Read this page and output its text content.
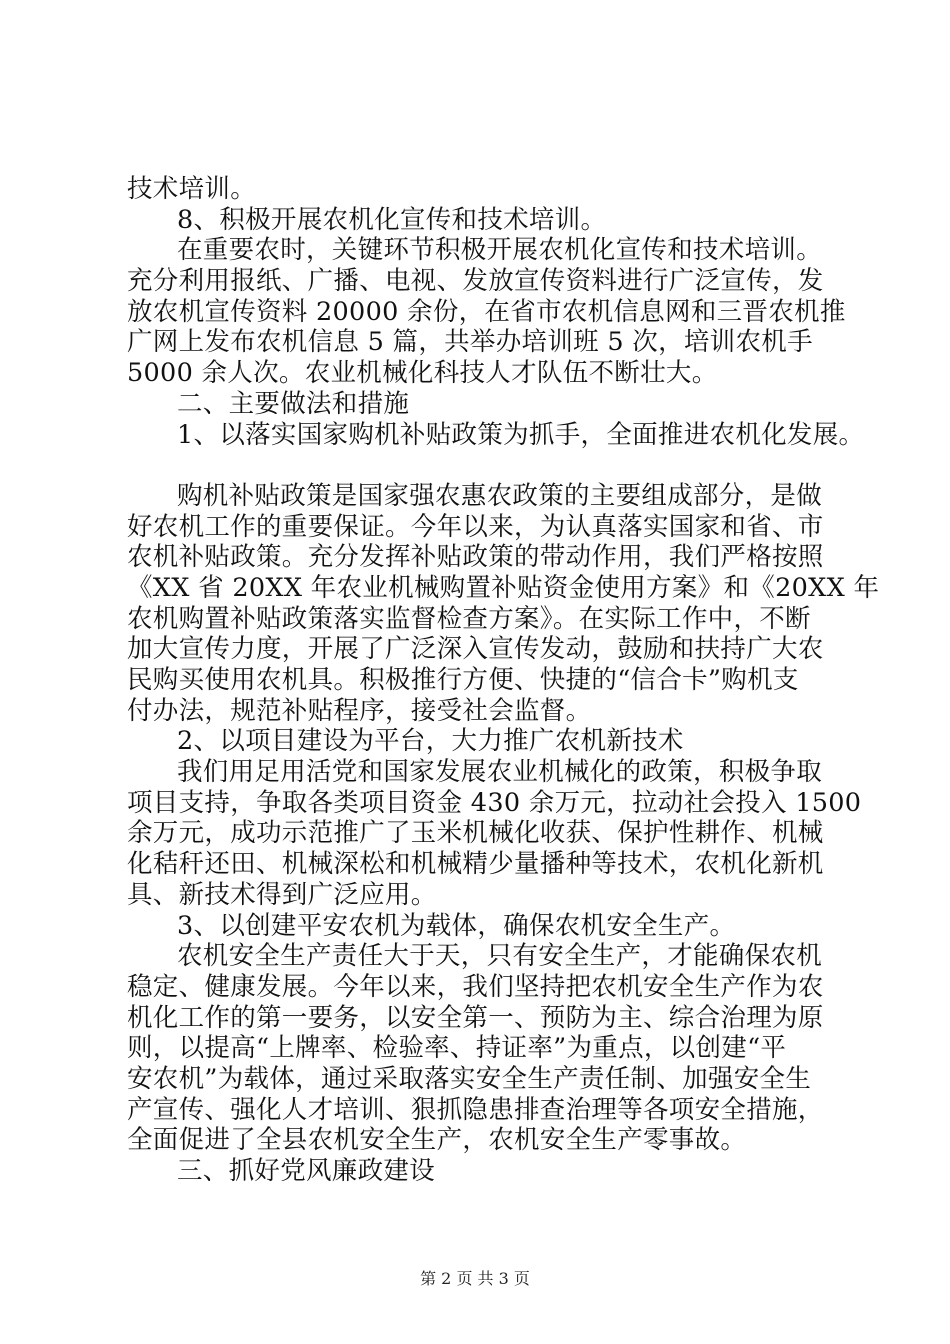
技术培训。
8、积极开展农机化宣传和技术培训。
在重要农时，关键环节积极开展农机化宣传和技术培训。
充分利用报纸、广播、电视、发放宣传资料进行广泛宣传，发
放农机宣传资料 20000 余份，在省市农机信息网和三晋农机推
广网上发布农机信息 5 篇，共举办培训班 5 次，培训农机手
5000 余人次。农业机械化科技人才队伍不断壮大。
二、主要做法和措施
1、以落实国家购机补贴政策为抓手，全面推进农机化发展。
购机补贴政策是国家强农惠农政策的主要组成部分，是做
好农机工作的重要保证。今年以来，为认真落实国家和省、市
农机补贴政策。充分发挥补贴政策的带动作用，我们严格按照
《XX 省 20XX 年农业机械购置补贴资金使用方案》和《20XX 年
农机购置补贴政策落实监督检查方案》。在实际工作中，不断
加大宣传力度，开展了广泛深入宣传发动，鼓励和扶持广大农
民购买使用农机具。积极推行方便、快捷的“信合卡”购机支
付办法，规范补贴程序，接受社会监督。
2、以项目建设为平台，大力推广农机新技术
我们用足用活党和国家发展农业机械化的政策，积极争取
项目支持，争取各类项目资金 430 余万元，拉动社会投入 1500
余万元，成功示范推广了玉米机械化收获、保护性耕作、机械
化秸秆还田、机械深松和机械精少量播种等技术，农机化新机
具、新技术得到广泛应用。
3、以创建平安农机为载体，确保农机安全生产。
农机安全生产责任大于天，只有安全生产，才能确保农机
稳定、健康发展。今年以来，我们坚持把农机安全生产作为农
机化工作的第一要务，以安全第一、预防为主、综合治理为原
则，以提高“上牌率、检验率、持证率”为重点，以创建“平
安农机”为载体，通过采取落实安全生产责任制、加强安全生
产宣传、强化人才培训、狠抓隐患排查治理等各项安全措施，
全面促进了全县农机安全生产，农机安全生产零事故。
三、抓好党风廉政建设
第 2 页 共 3 页
